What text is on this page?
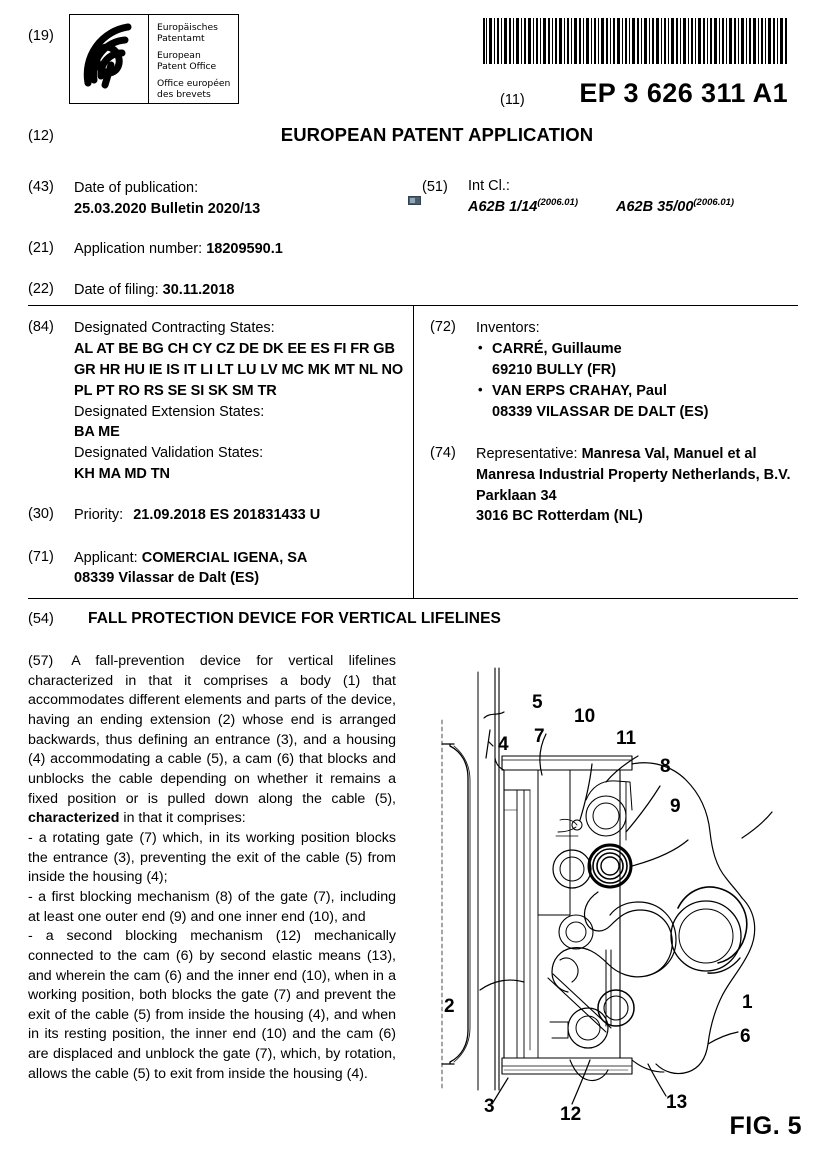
(19)
Europäisches
Patentamt
European
Patent Office
Office européen
des brevets	(11) EP 3 626 311 A1
(12)	EUROPEAN PATENT APPLICATION
(43)	Date of publication:
25.03.2020 Bulletin 2020/13
(21)	Application number: 18209590.1
(22)	Date of filing: 30.11.2018
(51)	Int Cl.:
A62B $1/14^{(2006.01)}$	A62B $35/00^{(2006.01)}$
(84)	Designated Contracting States:
AL AT BE BG CH CY CZ DE DK EE ES FI FR GB
GR HR HU IE IS IT LI LT LU LV MC MK MT NL NO
PL PT RO RS SE SI SK SM TR
Designated Extension States:
BA ME
Designated Validation States:
KH MA MD TN
(30)	Priority: 21.09.2018 ES 201831433 U
(71)	Applicant: COMERCIAL IGENA, SA
08339 Vilassar de Dalt (ES)
(72)	Inventors:
• CARRÉ, Guillaume
69210 BULLY (FR)
• VAN ERPS CRAHAY, Paul
08339 VILASSAR DE DALT (ES)
(74)	Representative: Manresa Val, Manuel et al
Manresa Industrial Property Netherlands, B.V.
Parklaan 34
3016 BC Rotterdam (NL)
(54)	FALL PROTECTION DEVICE FOR VERTICAL LIFELINES

(57) A fall-prevention device for vertical lifelines characterized in that it comprises a body (1) that accommodates different elements and parts of the device, having an ending extension (2) whose end is arranged backwards, thus defining an entrance (3), and a housing (4) accommodating a cable (5), a cam (6) that blocks and unblocks the cable depending on whether it remains a fixed position or is pulled down along the cable (5), characterized in that it comprises:

- a rotating gate (7) which, in its working position blocks the entrance (3), preventing the exit of the cable (5) from inside the housing (4);

- a first blocking mechanism (8) of the gate (7), including at least one outer end (9) and one inner end (10), and

- a second blocking mechanism (12) mechanically connected to the cam (6) by second elastic means (13), and wherein the cam (6) and the inner end (10), when in a working position, both blocks the gate (7) and prevent the exit of the cable (5) from inside the housing (4), and when in its resting position, the inner end (10) and the cam (6) are displaced and unblock the gate (7), which, by rotation, allows the cable (5) to exit from inside the housing (4).

5
7
10
11
8
9
4
2
6
1
3	12
13
FIG. 5
